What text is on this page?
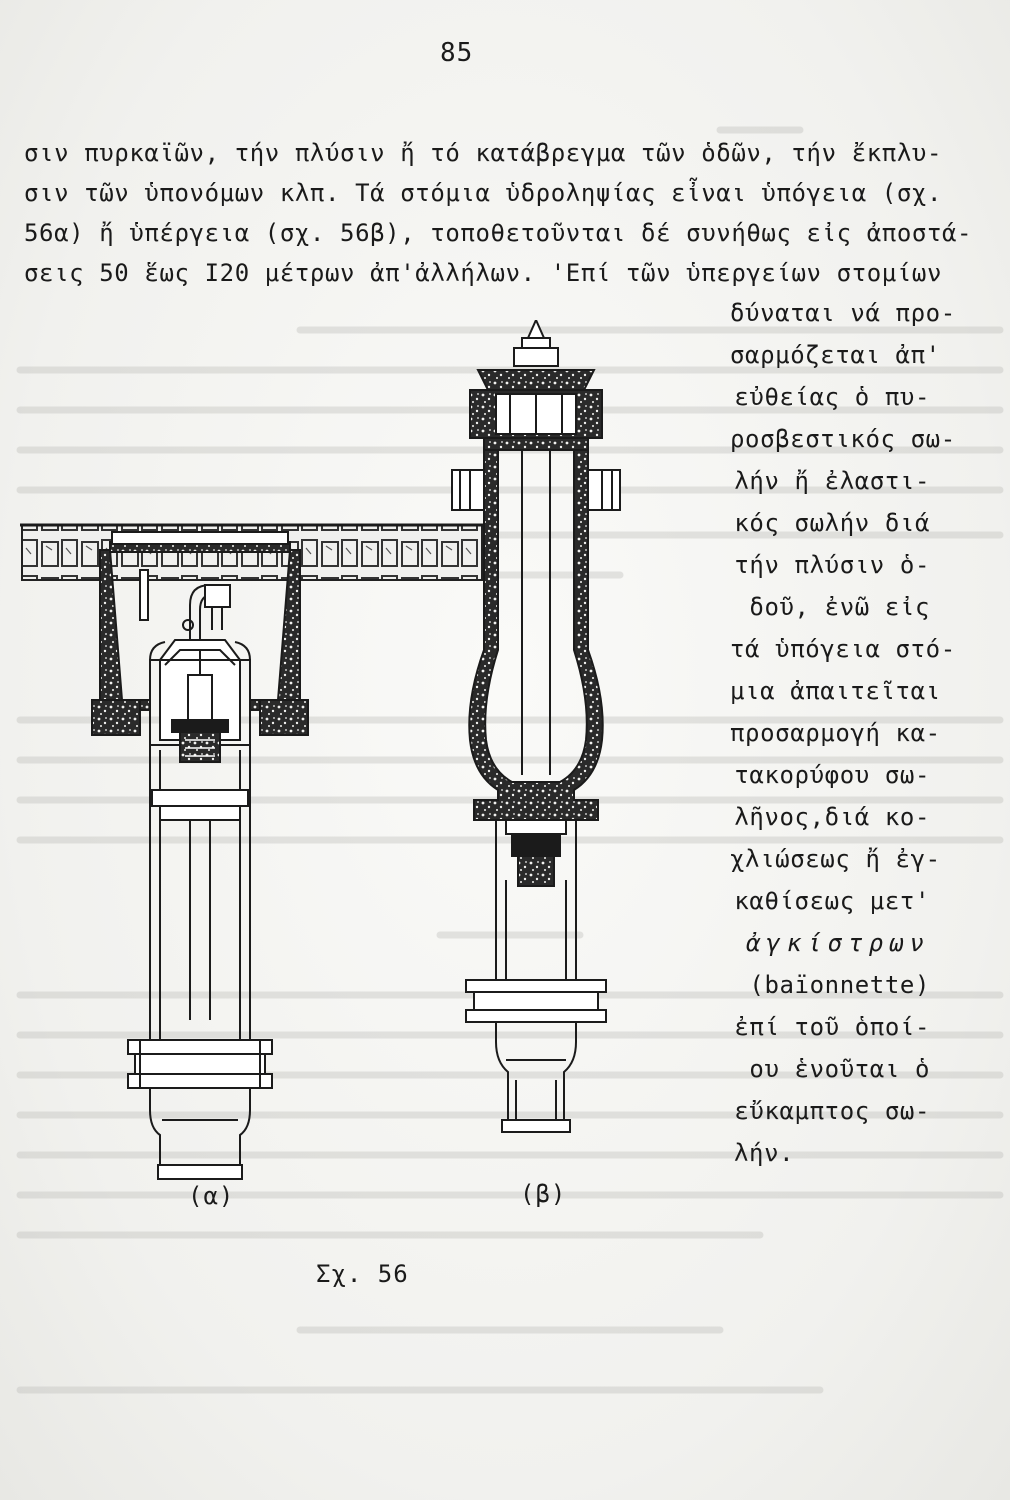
85
σιν πυρκαϊῶν, τήν πλύσιν ἤ τό κατάβρεγμα τῶν ὁδῶν, τήν ἔκπλυ-
σιν τῶν ὑπονόμων κλπ. Τά στόμια ὑδροληψίας εἶναι ὑπόγεια (σχ.
56α) ἤ ὑπέργεια (σχ. 56β), τοποθετοῦνται δέ συνήθως εἰς ἀποστά-
σεις 50 ἕως I20 μέτρων ἀπ'ἀλλήλων. 'Επί τῶν ὑπεργείων στομίων
δύναται νά προ-
σαρμόζεται ἀπ'
εὐθείας ὁ πυ-
ροσβεστικός σω-
λήν ἤ ἐλαστι-
κός σωλήν διά
τήν πλύσιν ὁ-
δοῦ, ἐνῶ εἰς
τά ὑπόγεια στό-
μια ἀπαιτεῖται
προσαρμογή κα-
τακορύφου σω-
λῆνος,διά κο-
χλιώσεως ἤ ἐγ-
καθίσεως μετ'
ἀγκίστρων
(baïonnette)
ἐπί τοῦ ὁποί-
ου ἑνοῦται ὁ
εὔκαμπτος σω-
λήν.
(α)	(β)
Σχ. 56
